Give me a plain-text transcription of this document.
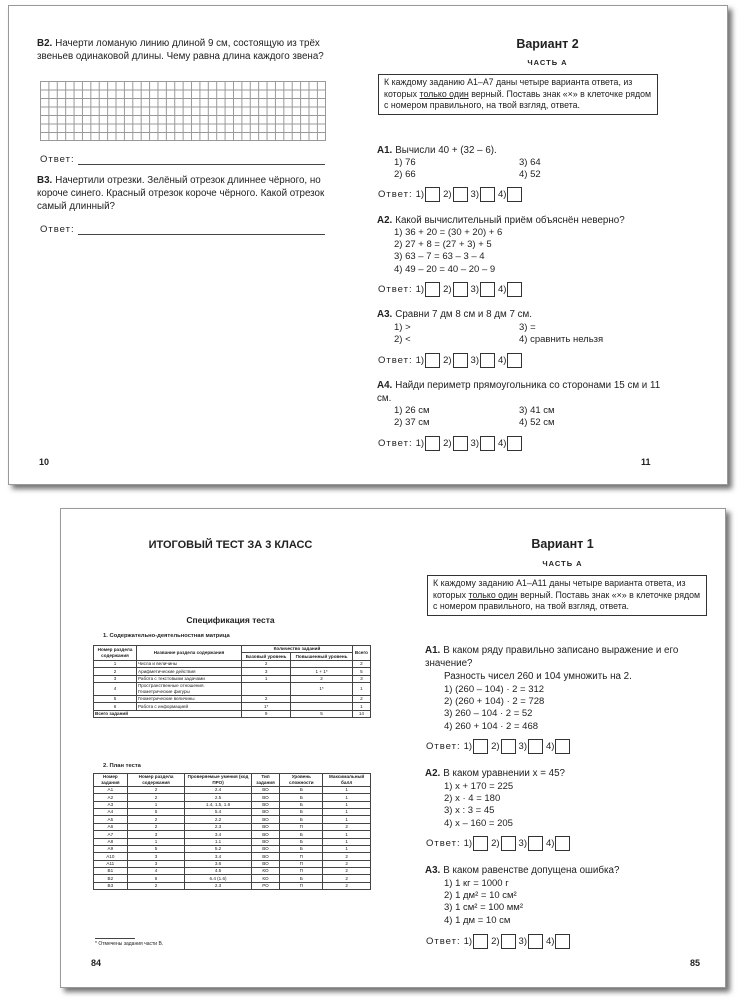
В2. Начерти ломаную линию длиной 9 см, состоящую из трёх звеньев одинаковой длины. Чему равна длина каждого звена?
Ответ:
В3. Начертили отрезки. Зелёный отрезок длиннее чёрного, но короче синего. Красный отрезок короче чёрного. Какой отрезок самый длинный?
Ответ:
10
Вариант 2
ЧАСТЬ А
К каждому заданию А1–А7 даны четыре варианта ответа, из которых только один верный. Поставь знак «×» в клеточке рядом с номером правильного, на твой взгляд, ответа.
А1. Вычисли 40 + (32 – 6).
1) 76	3) 64
2) 66	4) 52
Ответ: 1) 2) 3) 4)
А2. Какой вычислительный приём объяснён неверно?
1) 36 + 20 = (30 + 20) + 6
2) 27 + 8 = (27 + 3) + 5
3) 63 – 7 = 63 – 3 – 4
4) 49 – 20 = 40 – 20 – 9
Ответ: 1) 2) 3) 4)
А3. Сравни 7 дм 8 см и 8 дм 7 см.
1) >	3) =
2) <	4) сравнить нельзя
Ответ: 1) 2) 3) 4)
А4. Найди периметр прямоугольника со сторонами 15 см и 11 см.
1) 26 см	3) 41 см
2) 37 см	4) 52 см
Ответ: 1) 2) 3) 4)
11
ИТОГОВЫЙ ТЕСТ ЗА 3 КЛАСС
Спецификация теста
1. Содержательно-деятельностная матрица
Номер раздела содержания	Название раздела содержания	Количество заданий		Всего
		Базовый уровень	Повышенный уровень	
1	Числа и величины	2		2
2	Арифметические действия	3	1 + 1*	5
3	Работа с текстовыми задачами	1	2	3
4	Пространственные отношения. Геометрические фигуры		1*	1
5	Геометрические величины	2		2
6	Работа с информацией	1*		1
Всего заданий		9	5	14
2. План теста
Номер задания	Номер раздела содержания	Проверяемые умения (код ПРО)	Тип задания	Уровень сложности	Максимальный балл
А1	2	2.4	ВО	Б	1
А2	2	2.5	ВО	Б	1
А3	1	1.4, 1.5, 1.6	ВО	Б	1
А4	5	5.4	ВО	Б	1
А5	2	2.2	ВО	Б	1
А6	2	2.3	ВО	П	2
А7	3	3.4	ВО	Б	1
А8	1	1.1	ВО	Б	1
А9	5	5.2	ВО	Б	1
А10	3	3.4	ВО	П	2
А11	3	3.6	ВО	П	2
В1	4	4.5	КО	П	2
В2	6	6.4 (1.6)	КО	Б	2
В3	2	2.3	РО	П	2
* Отмечены задания части В.
84
Вариант 1
ЧАСТЬ А
К каждому заданию А1–А11 даны четыре варианта ответа, из которых только один верный. Поставь знак «×» в клеточке рядом с номером правильного, на твой взгляд, ответа.
А1. В каком ряду правильно записано выражение и его значение?
Разность чисел 260 и 104 умножить на 2.
1) (260 – 104) · 2 = 312
2) (260 + 104) · 2 = 728
3) 260 – 104 · 2 = 52
4) 260 + 104 · 2 = 468
Ответ: 1) 2) 3) 4)
А2. В каком уравнении x = 45?
1) x + 170 = 225
2) x · 4 = 180
3) x : 3 = 45
4) x – 160 = 205
Ответ: 1) 2) 3) 4)
А3. В каком равенстве допущена ошибка?
1) 1 кг = 1000 г
2) 1 дм² = 10 см²
3) 1 см² = 100 мм²
4) 1 дм = 10 см
Ответ: 1) 2) 3) 4)
85
